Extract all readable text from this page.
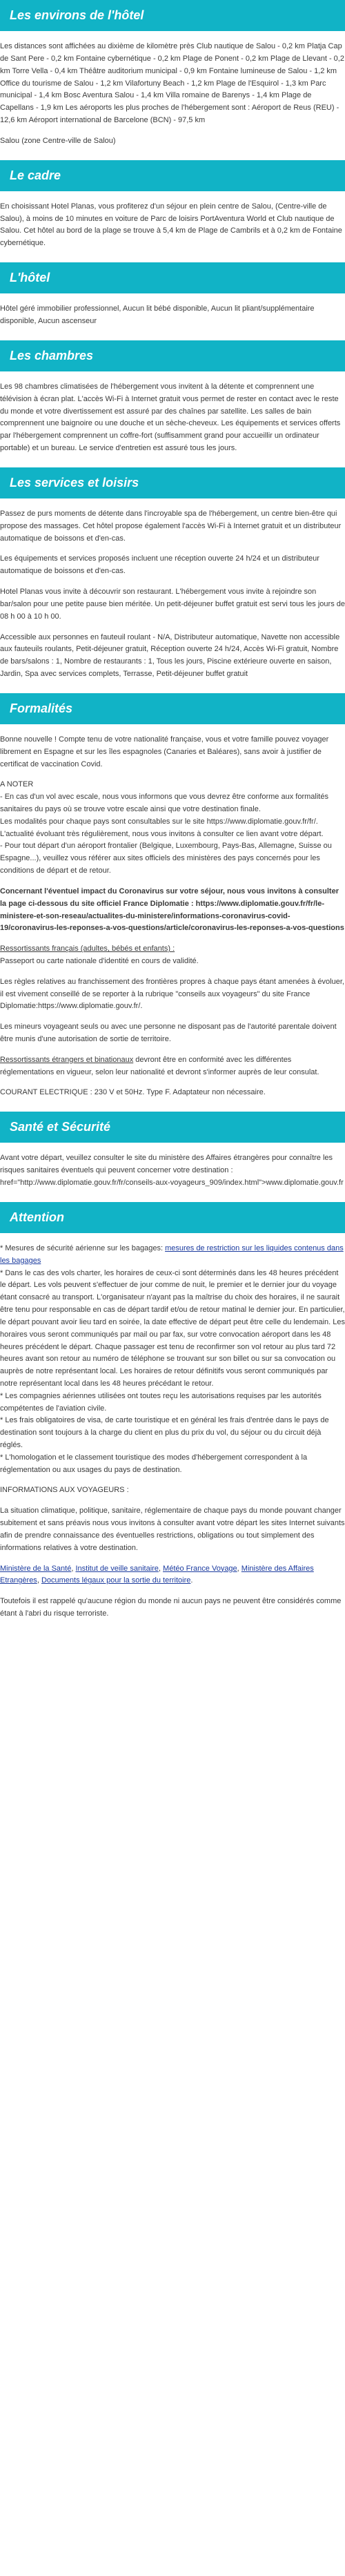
Les environs de l'hôtel

Les distances sont affichées au dixième de kilomètre près Club nautique de Salou - 0,2 km Platja Cap de Sant Pere - 0,2 km Fontaine cybernétique - 0,2 km Plage de Ponent - 0,2 km Plage de Llevant - 0,2 km Torre Vella - 0,4 km Théâtre auditorium municipal - 0,9 km Fontaine lumineuse de Salou - 1,2 km Office du tourisme de Salou - 1,2 km Vilafortuny Beach - 1,2 km Plage de l'Esquirol - 1,3 km Parc municipal - 1,4 km Bosc Aventura Salou - 1,4 km Villa romaine de Barenys - 1,4 km Plage de Capellans - 1,9 km Les aéroports les plus proches de l'hébergement sont : Aéroport de Reus (REU) - 12,6 km Aéroport international de Barcelone (BCN) - 97,5 km

Salou (zone Centre-ville de Salou)

Le cadre

En choisissant Hotel Planas, vous profiterez d'un séjour en plein centre de Salou, (Centre-ville de Salou), à moins de 10 minutes en voiture de Parc de loisirs PortAventura World et Club nautique de Salou. Cet hôtel au bord de la plage se trouve à 5,4 km de Plage de Cambrils et à 0,2 km de Fontaine cybernétique.

L'hôtel

Hôtel géré immobilier professionnel, Aucun lit bébé disponible, Aucun lit pliant/supplémentaire disponible, Aucun ascenseur

Les chambres

Les 98 chambres climatisées de l'hébergement vous invitent à la détente et comprennent une télévision à écran plat. L'accès Wi-Fi à Internet gratuit vous permet de rester en contact avec le reste du monde et votre divertissement est assuré par des chaînes par satellite. Les salles de bain comprennent une baignoire ou une douche et un sèche-cheveux. Les équipements et services offerts par l'hébergement comprennent un coffre-fort (suffisamment grand pour accueillir un ordinateur portable) et un bureau. Le service d'entretien est assuré tous les jours.

Les services et loisirs

Passez de purs moments de détente dans l'incroyable spa de l'hébergement, un centre bien-être qui propose des massages. Cet hôtel propose également l'accès Wi-Fi à Internet gratuit et un distributeur automatique de boissons et d'en-cas.

Les équipements et services proposés incluent une réception ouverte 24 h/24 et un distributeur automatique de boissons et d'en-cas.

Hotel Planas vous invite à découvrir son restaurant. L'hébergement vous invite à rejoindre son bar/salon pour une petite pause bien méritée. Un petit-déjeuner buffet gratuit est servi tous les jours de 08 h 00 à 10 h 00.

Accessible aux personnes en fauteuil roulant - N/A, Distributeur automatique, Navette non accessible aux fauteuils roulants, Petit-déjeuner gratuit, Réception ouverte 24 h/24, Accès Wi-Fi gratuit, Nombre de bars/salons : 1, Nombre de restaurants : 1, Tous les jours, Piscine extérieure ouverte en saison, Jardin, Spa avec services complets, Terrasse, Petit-déjeuner buffet gratuit

Formalités

Bonne nouvelle ! Compte tenu de votre nationalité française, vous et votre famille pouvez voyager librement en Espagne et sur les îles espagnoles (Canaries et Baléares), sans avoir à justifier de certificat de vaccination Covid.

A NOTER

- En cas d'un vol avec escale, nous vous informons que vous devrez être conforme aux formalités sanitaires du pays où se trouve votre escale ainsi que votre destination finale.

Les modalités pour chaque pays sont consultables sur le site https://www.diplomatie.gouv.fr/fr/. L'actualité évoluant très régulièrement, nous vous invitons à consulter ce lien avant votre départ.

- Pour tout départ d'un aéroport frontalier (Belgique, Luxembourg, Pays-Bas, Allemagne, Suisse ou Espagne...), veuillez vous référer aux sites officiels des ministères des pays concernés pour les conditions de départ et de retour.

Concernant l'éventuel impact du Coronavirus sur votre séjour, nous vous invitons à consulter la page ci-dessous du site officiel France Diplomatie : https://www.diplomatie.gouv.fr/fr/le-ministere-et-son-reseau/actualites-du-ministere/informations-coronavirus-covid-19/coronavirus-les-reponses-a-vos-questions/article/coronavirus-les-reponses-a-vos-questions

Ressortissants français (adultes, bébés et enfants) :
Passeport ou carte nationale d'identité en cours de validité.

Les règles relatives au franchissement des frontières propres à chaque pays étant amenées à évoluer, il est vivement conseillé de se reporter à la rubrique "conseils aux voyageurs" du site France Diplomatie:https://www.diplomatie.gouv.fr/.

Les mineurs voyageant seuls ou avec une personne ne disposant pas de l'autorité parentale doivent être munis d'une autorisation de sortie de territoire.

Ressortissants étrangers et binationaux devront être en conformité avec les différentes réglementations en vigueur, selon leur nationalité et devront s'informer auprès de leur consulat.

COURANT ELECTRIQUE : 230 V et 50Hz. Type F. Adaptateur non nécessaire.

Santé et Sécurité

Avant votre départ, veuillez consulter le site du ministère des Affaires étrangères pour connaître les risques sanitaires éventuels qui peuvent concerner votre destination : href="http://www.diplomatie.gouv.fr/fr/conseils-aux-voyageurs_909/index.html">www.diplomatie.gouv.fr

Attention

* Mesures de sécurité aérienne sur les bagages: mesures de restriction sur les liquides contenus dans les bagages

* Dans le cas des vols charter, les horaires de ceux-ci sont déterminés dans les 48 heures précédent le départ. Les vols peuvent s'effectuer de jour comme de nuit, le premier et le dernier jour du voyage étant consacré au transport. L'organisateur n'ayant pas la maîtrise du choix des horaires, il ne saurait être tenu pour responsable en cas de départ tardif et/ou de retour matinal le dernier jour. En particulier, le départ pouvant avoir lieu tard en soirée, la date effective de départ peut être celle du lendemain. Les horaires vous seront communiqués par mail ou par fax, sur votre convocation aéroport dans les 48 heures précédent le départ. Chaque passager est tenu de reconfirmer son vol retour au plus tard 72 heures avant son retour au numéro de téléphone se trouvant sur son billet ou sur sa convocation ou auprès de notre représentant local. Les horaires de retour définitifs vous seront communiqués par notre représentant local dans les 48 heures précédant le retour.

* Les compagnies aériennes utilisées ont toutes reçu les autorisations requises par les autorités compétentes de l'aviation civile.

* Les frais obligatoires de visa, de carte touristique et en général les frais d'entrée dans le pays de destination sont toujours à la charge du client en plus du prix du vol, du séjour ou du circuit déjà réglés.

* L'homologation et le classement touristique des modes d'hébergement correspondent à la réglementation ou aux usages du pays de destination.

INFORMATIONS AUX VOYAGEURS :

La situation climatique, politique, sanitaire, réglementaire de chaque pays du monde pouvant changer subitement et sans préavis nous vous invitons à consulter avant votre départ les sites Internet suivants afin de prendre connaissance des éventuelles restrictions, obligations ou tout simplement des informations relatives à votre destination.

Ministère de la Santé, Institut de veille sanitaire, Météo France Voyage, Ministère des Affaires Etrangères, Documents légaux pour la sortie du territoire.

Toutefois il est rappelé qu'aucune région du monde ni aucun pays ne peuvent être considérés comme étant à l'abri du risque terroriste.
